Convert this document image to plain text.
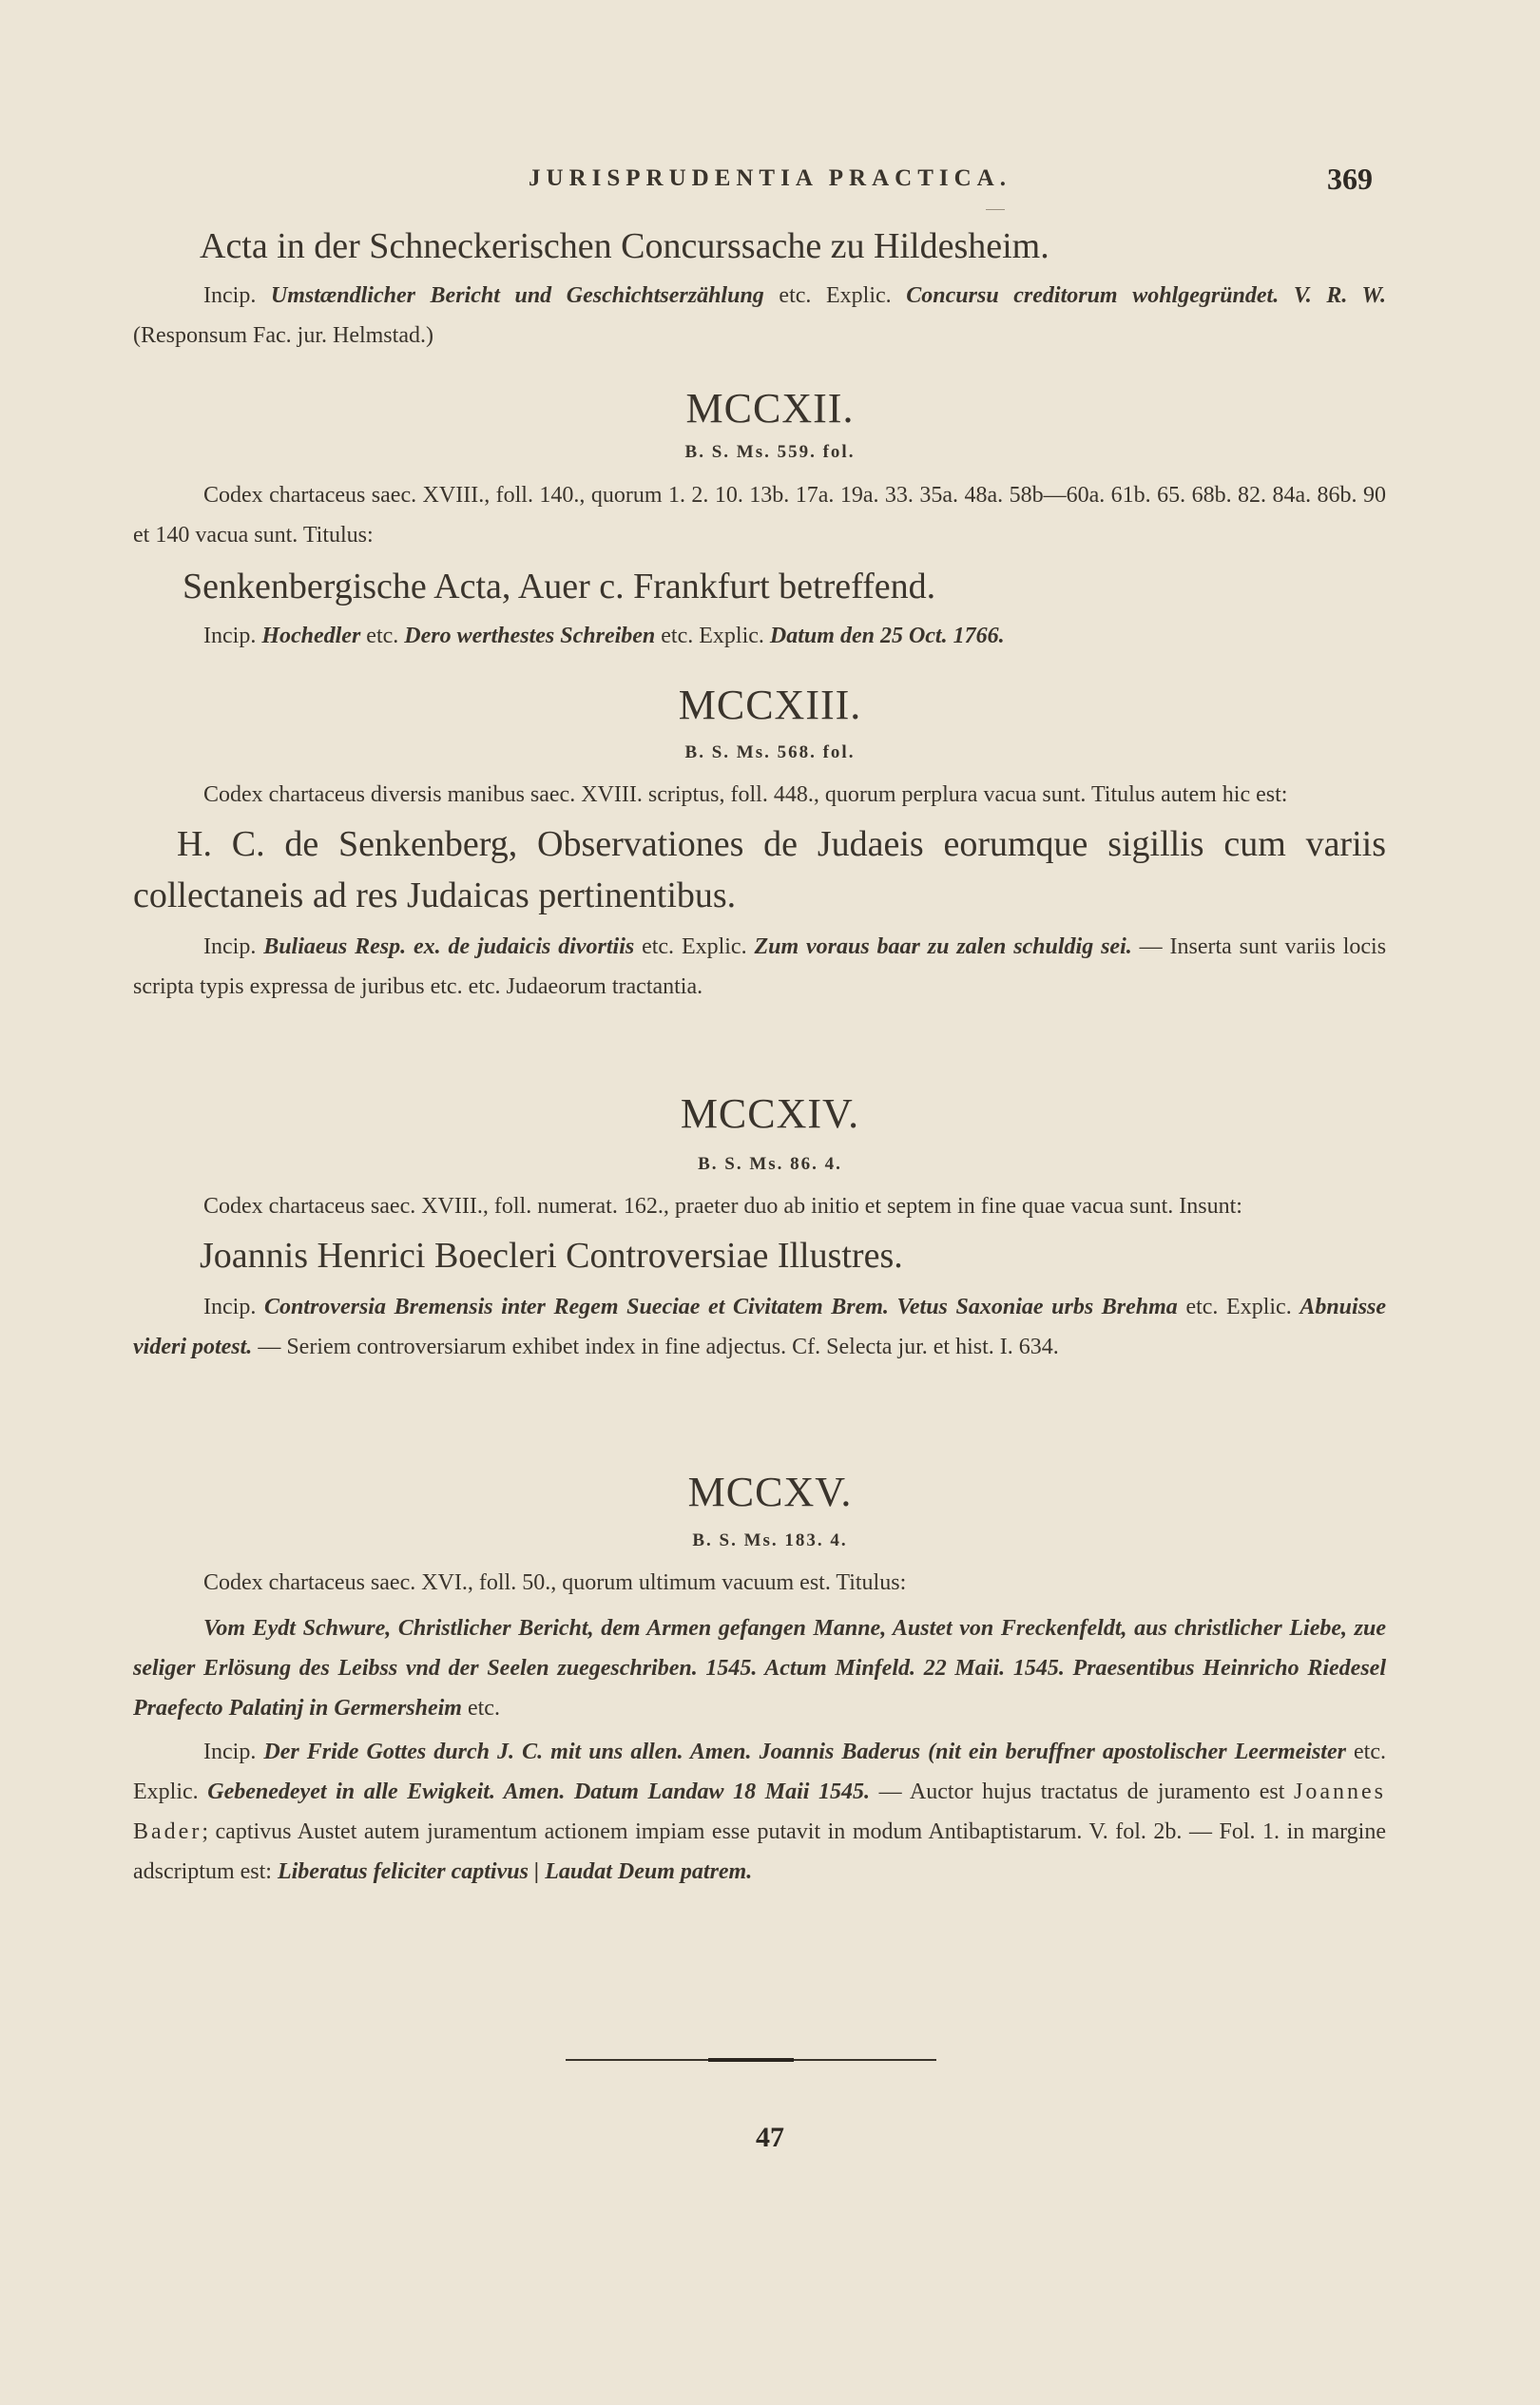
JURISPRUDENTIA PRACTICA.	369
Acta in der Schneckerischen Concurssache zu Hildesheim.
Incip. Umstændlicher Bericht und Geschichtserzählung etc. Explic. Concursu creditorum wohlgegründet. V. R. W. (Responsum Fac. jur. Helmstad.)
MCCXII.
B. S. Ms. 559. fol.
Codex chartaceus saec. XVIII., foll. 140., quorum 1. 2. 10. 13b. 17a. 19a. 33. 35a. 48a. 58b—60a. 61b. 65. 68b. 82. 84a. 86b. 90 et 140 vacua sunt. Titulus:
Senkenbergische Acta, Auer c. Frankfurt betreffend.
Incip. Hochedler etc. Dero werthestes Schreiben etc. Explic. Datum den 25 Oct. 1766.
MCCXIII.
B. S. Ms. 568. fol.
Codex chartaceus diversis manibus saec. XVIII. scriptus, foll. 448., quorum perplura vacua sunt. Titulus autem hic est:
H. C. de Senkenberg, Observationes de Judaeis eorumque sigillis cum variis collectaneis ad res Judaicas pertinentibus.
Incip. Buliaeus Resp. ex. de judaicis divortiis etc. Explic. Zum voraus baar zu zalen schuldig sei. — Inserta sunt variis locis scripta typis expressa de juribus etc. etc. Judaeorum tractantia.
MCCXIV.
B. S. Ms. 86. 4.
Codex chartaceus saec. XVIII., foll. numerat. 162., praeter duo ab initio et septem in fine quae vacua sunt. Insunt:
Joannis Henrici Boecleri Controversiae Illustres.
Incip. Controversia Bremensis inter Regem Sueciae et Civitatem Brem. Vetus Saxoniae urbs Brehma etc. Explic. Abnuisse videri potest. — Seriem controversiarum exhibet index in fine adjectus. Cf. Selecta jur. et hist. I. 634.
MCCXV.
B. S. Ms. 183. 4.
Codex chartaceus saec. XVI., foll. 50., quorum ultimum vacuum est. Titulus:
Vom Eydt Schwure, Christlicher Bericht, dem Armen gefangen Manne, Austet von Freckenfeldt, aus christlicher Liebe, zue seliger Erlösung des Leibss vnd der Seelen zuegeschriben. 1545. Actum Minfeld. 22 Maii. 1545. Praesentibus Heinricho Riedesel Praefecto Palatinj in Germersheim etc.
Incip. Der Fride Gottes durch J. C. mit uns allen. Amen. Joannis Baderus (nit ein beruffner apostolischer Leermeister etc. Explic. Gebenedeyet in alle Ewigkeit. Amen. Datum Landaw 18 Maii 1545. — Auctor hujus tractatus de juramento est Joannes Bader; captivus Austet autem juramentum actionem impiam esse putavit in modum Antibaptistarum. V. fol. 2b. — Fol. 1. in margine adscriptum est: Liberatus feliciter captivus | Laudat Deum patrem.
47
